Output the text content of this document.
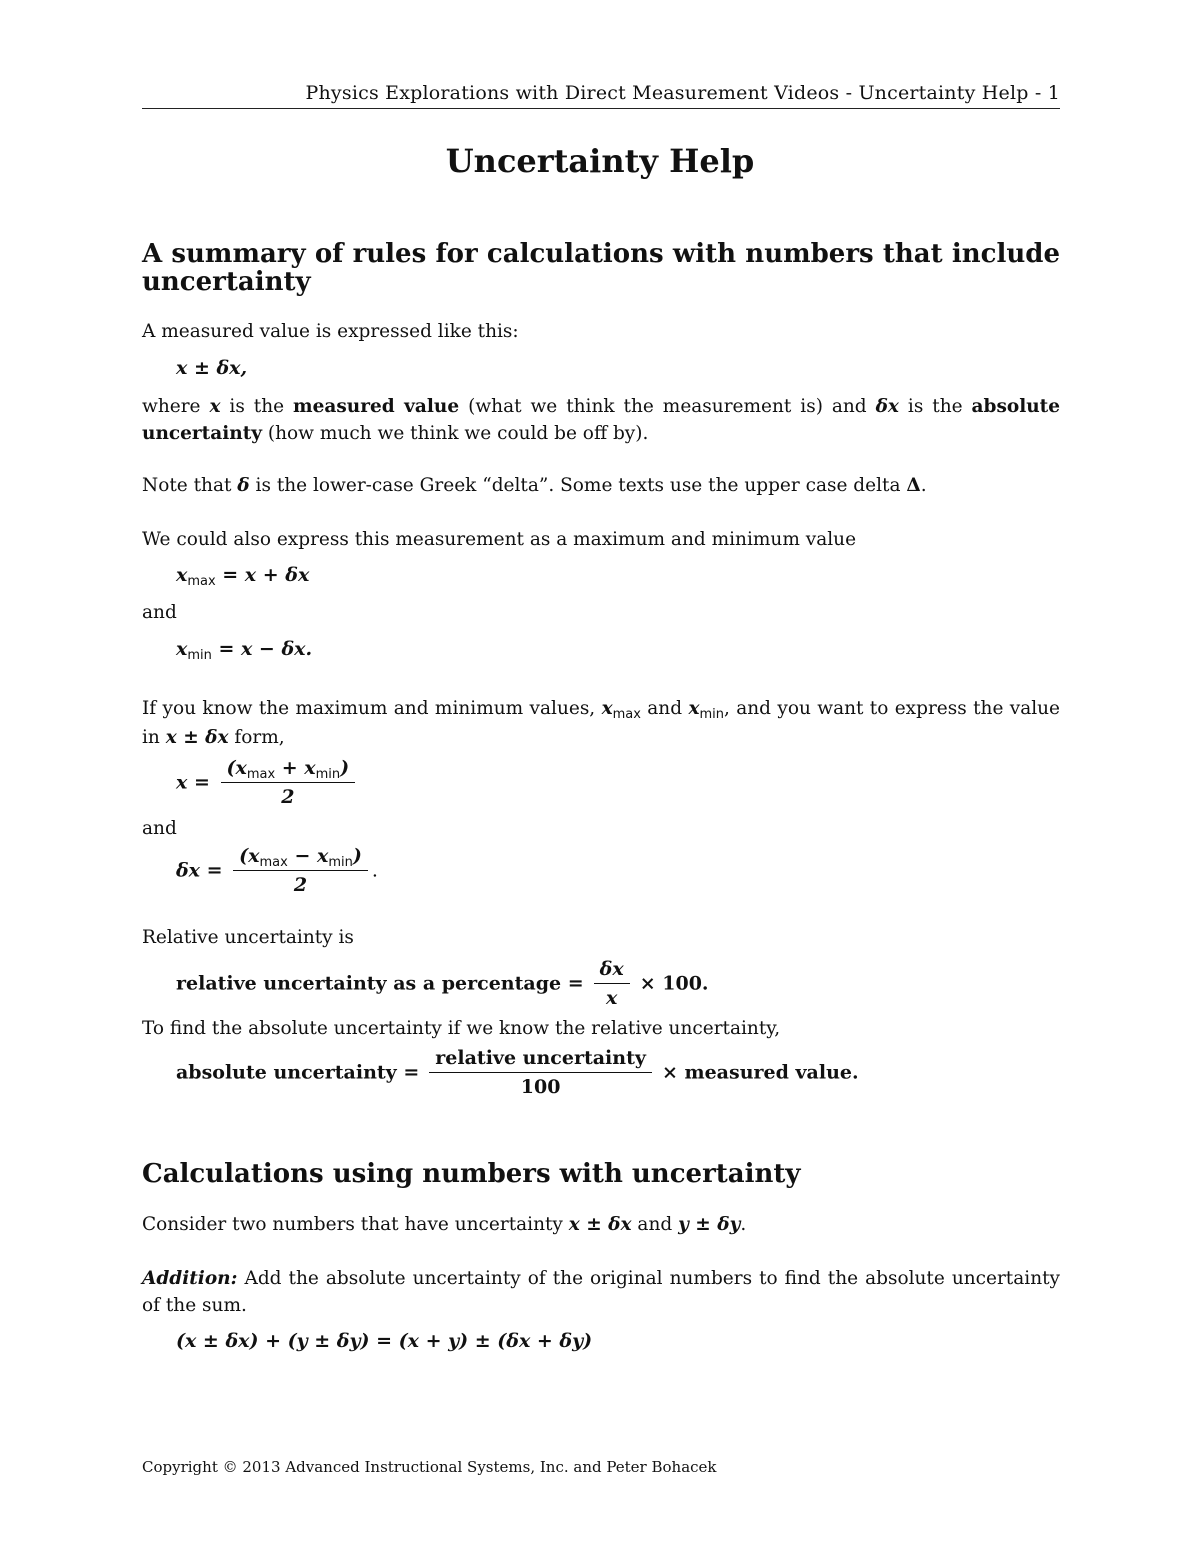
Physics Explorations with Direct Measurement Videos - Uncertainty Help - 1
Uncertainty Help
A summary of rules for calculations with numbers that include uncertainty
A measured value is expressed like this:
x ± δx,
where x is the measured value (what we think the measurement is) and δx is the absolute uncertainty (how much we think we could be off by).
Note that δ is the lower-case Greek “delta”. Some texts use the upper case delta Δ.
We could also express this measurement as a maximum and minimum value
$x_{max} = x + \delta x$
and
$x_{min} = x - \delta x$.
If you know the maximum and minimum values, $x_{max}$ and $x_{min}$, and you want to express the value in x ± δx form,
$x = \frac{(x_{max} + x_{min})}{2}$
and
$\delta x = \frac{(x_{max} - x_{min})}{2}$ .
Relative uncertainty is
relative uncertainty as a percentage = $\frac{\delta x}{x} \times 100$.
To find the absolute uncertainty if we know the relative uncertainty,
absolute uncertainty = $\frac{\text{relative uncertainty}}{100}$ × measured value.
Calculations using numbers with uncertainty
Consider two numbers that have uncertainty x ± δx and y ± δy.
Addition: Add the absolute uncertainty of the original numbers to find the absolute uncertainty of the sum.
(x ± δx) + (y ± δy) = (x + y) ± (δx + δy)
Copyright © 2013 Advanced Instructional Systems, Inc. and Peter Bohacek
